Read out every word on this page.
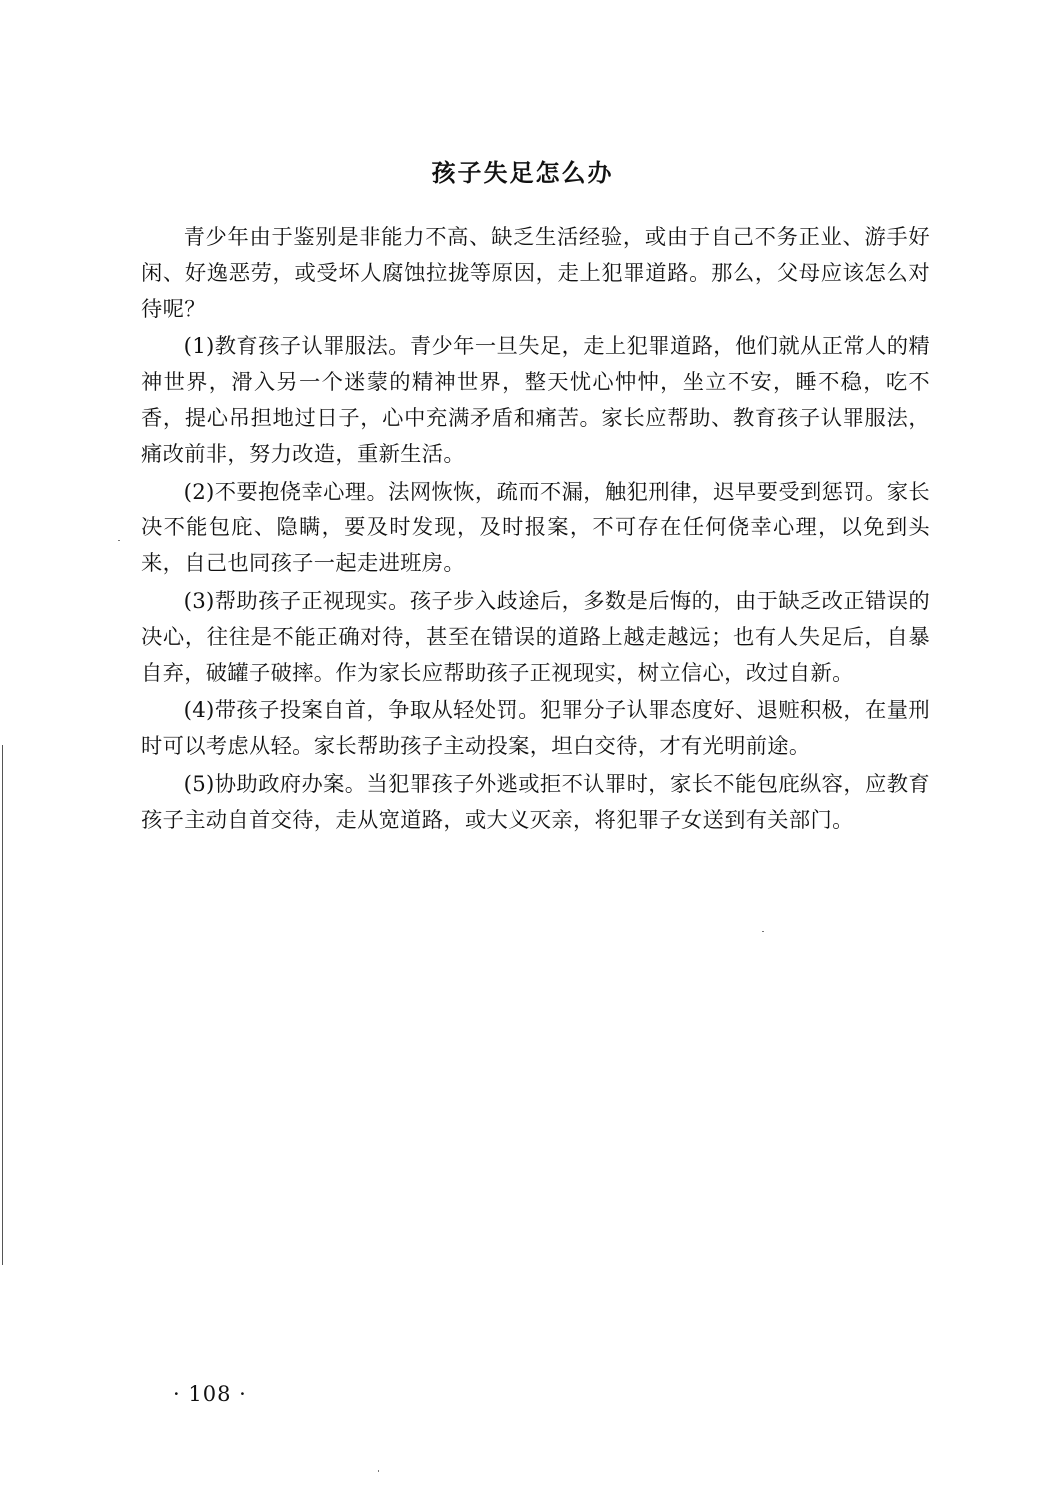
孩子失足怎么办

青少年由于鉴别是非能力不高、缺乏生活经验，或由于自己不务正业、游手好闲、好逸恶劳，或受坏人腐蚀拉拢等原因，走上犯罪道路。那么，父母应该怎么对待呢？

(1)教育孩子认罪服法。青少年一旦失足，走上犯罪道路，他们就从正常人的精神世界，滑入另一个迷蒙的精神世界，整天忧心忡忡，坐立不安，睡不稳，吃不香，提心吊担地过日子，心中充满矛盾和痛苦。家长应帮助、教育孩子认罪服法，痛改前非，努力改造，重新生活。

(2)不要抱侥幸心理。法网恢恢，疏而不漏，触犯刑律，迟早要受到惩罚。家长决不能包庇、隐瞒，要及时发现，及时报案，不可存在任何侥幸心理，以免到头来，自己也同孩子一起走进班房。

(3)帮助孩子正视现实。孩子步入歧途后，多数是后悔的，由于缺乏改正错误的决心，往往是不能正确对待，甚至在错误的道路上越走越远；也有人失足后，自暴自弃，破罐子破摔。作为家长应帮助孩子正视现实，树立信心，改过自新。

(4)带孩子投案自首，争取从轻处罚。犯罪分子认罪态度好、退赃积极，在量刑时可以考虑从轻。家长帮助孩子主动投案，坦白交待，才有光明前途。

(5)协助政府办案。当犯罪孩子外逃或拒不认罪时，家长不能包庇纵容，应教育孩子主动自首交待，走从宽道路，或大义灭亲，将犯罪子女送到有关部门。

· 108 ·
